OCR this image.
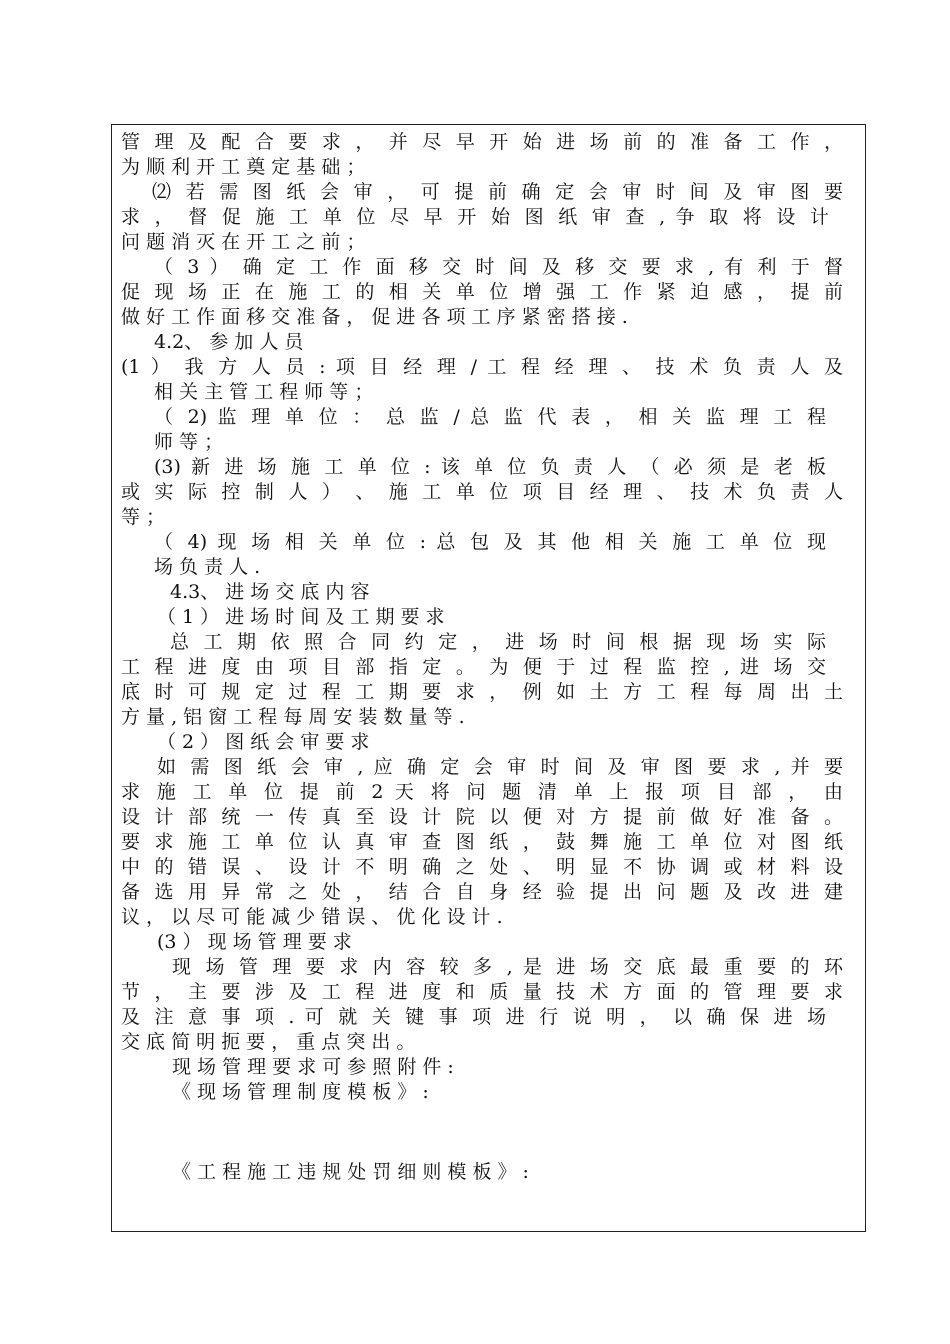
管 理 及 配 合 要 求 ， 并 尽 早 开 始 进 场 前 的 准 备 工 作 ，
为 顺 利 开 工 奠 定 基 础 ；
⑵ 若 需 图 纸 会 审 ， 可 提 前 确 定 会 审 时 间 及 审 图 要
求 ， 督 促 施 工 单 位 尽 早 开 始 图 纸 审 查 , 争 取 将 设 计
问 题 消 灭 在 开 工 之 前 ；
（ 3 ） 确 定 工 作 面 移 交 时 间 及 移 交 要 求 , 有 利 于 督
促 现 场 正 在 施 工 的 相 关 单 位 增 强 工 作 紧 迫 感 ， 提 前
做 好 工 作 面 移 交 准 备 ， 促 进 各 项 工 序 紧 密 搭 接 .
4.2、 参 加 人 员
(1 ） 我 方 人 员 : 项 目 经 理 / 工 程 经 理 、 技 术 负 责 人 及
相 关 主 管 工 程 师 等 ；
（ 2) 监 理 单 位 ： 总 监 / 总 监 代 表 ， 相 关 监 理 工 程
师 等 ；
(3) 新 进 场 施 工 单 位 : 该 单 位 负 责 人 （ 必 须 是 老 板
或 实 际 控 制 人 ） 、 施 工 单 位 项 目 经 理 、 技 术 负 责 人
等 ；
（ 4) 现 场 相 关 单 位 : 总 包 及 其 他 相 关 施 工 单 位 现
场 负 责 人 .
4.3、 进 场 交 底 内 容
（ 1 ） 进 场 时 间 及 工 期 要 求
总 工 期 依 照 合 同 约 定 ， 进 场 时 间 根 据 现 场 实 际
工 程 进 度 由 项 目 部 指 定 。 为 便 于 过 程 监 控 , 进 场 交
底 时 可 规 定 过 程 工 期 要 求 ， 例 如 土 方 工 程 每 周 出 土
方 量 , 铝 窗 工 程 每 周 安 装 数 量 等 .
（ 2 ） 图 纸 会 审 要 求
如 需 图 纸 会 审 , 应 确 定 会 审 时 间 及 审 图 要 求 , 并 要
求 施 工 单 位 提 前 2 天 将 问 题 清 单 上 报 项 目 部 ， 由
设 计 部 统 一 传 真 至 设 计 院 以 便 对 方 提 前 做 好 准 备 。
要 求 施 工 单 位 认 真 审 查 图 纸 ， 鼓 舞 施 工 单 位 对 图 纸
中 的 错 误 、 设 计 不 明 确 之 处 、 明 显 不 协 调 或 材 料 设
备 选 用 异 常 之 处 ， 结 合 自 身 经 验 提 出 问 题 及 改 进 建
议 ， 以 尽 可 能 减 少 错 误 、 优 化 设 计 .
(3 ） 现 场 管 理 要 求
现 场 管 理 要 求 内 容 较 多 , 是 进 场 交 底 最 重 要 的 环
节 ， 主 要 涉 及 工 程 进 度 和 质 量 技 术 方 面 的 管 理 要 求
及 注 意 事 项 . 可 就 关 键 事 项 进 行 说 明 ， 以 确 保 进 场
交 底 简 明 扼 要 ， 重 点 突 出 。
现 场 管 理 要 求 可 参 照 附 件 :
《 现 场 管 理 制 度 模 板 》 :
《 工 程 施 工 违 规 处 罚 细 则 模 板 》 :
